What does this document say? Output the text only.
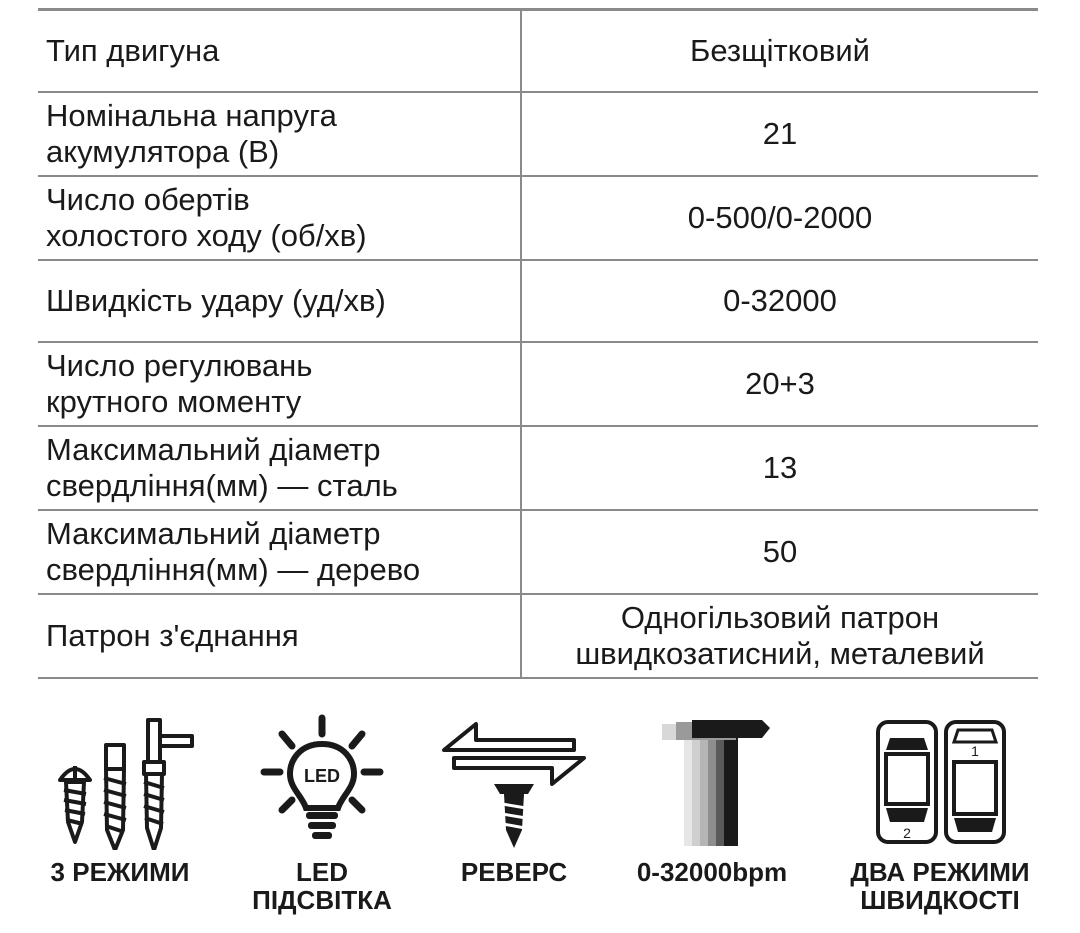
Тип двигуна	Безщітковий
Номінальна напруга
акумулятора (В)	21
Число обертів
холостого ходу (об/хв)	0-500/0-2000
Швидкість удару (уд/хв)	0-32000
Число регулювань
крутного моменту	20+3
Максимальний діаметр
свердління(мм) — сталь	13
Максимальний діаметр
свердління(мм) — дерево	50
Патрон з'єднання	Одногільзовий патрон
швидкозатисний, металевий
3 РЕЖИМИ
LED
LED
ПІДСВІТКА
РЕВЕРС	0-32000bpm
2
1
ДВА РЕЖИМИ
ШВИДКОСТІ
